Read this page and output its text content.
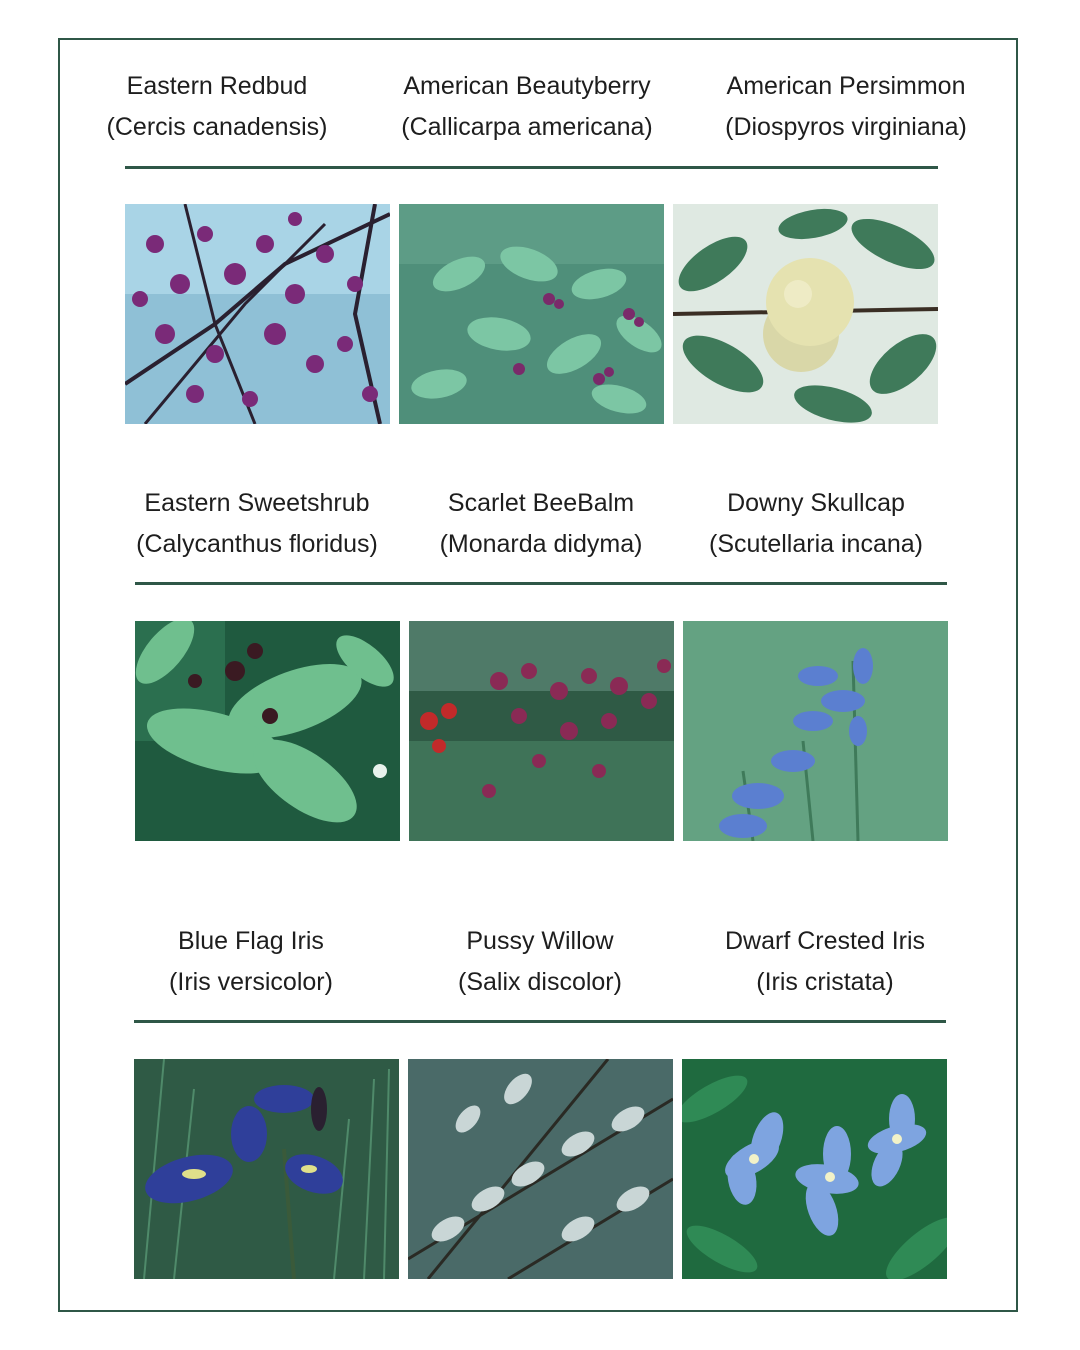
Eastern Redbud
(Cercis canadensis)
American Beautyberry
(Callicarpa americana)
American Persimmon
(Diospyros virginiana)
Eastern Sweetshrub
(Calycanthus floridus)
Scarlet BeeBalm
(Monarda didyma)
Downy Skullcap
(Scutellaria incana)
Blue Flag Iris
(Iris versicolor)
Pussy Willow
(Salix discolor)
Dwarf Crested Iris
(Iris cristata)
